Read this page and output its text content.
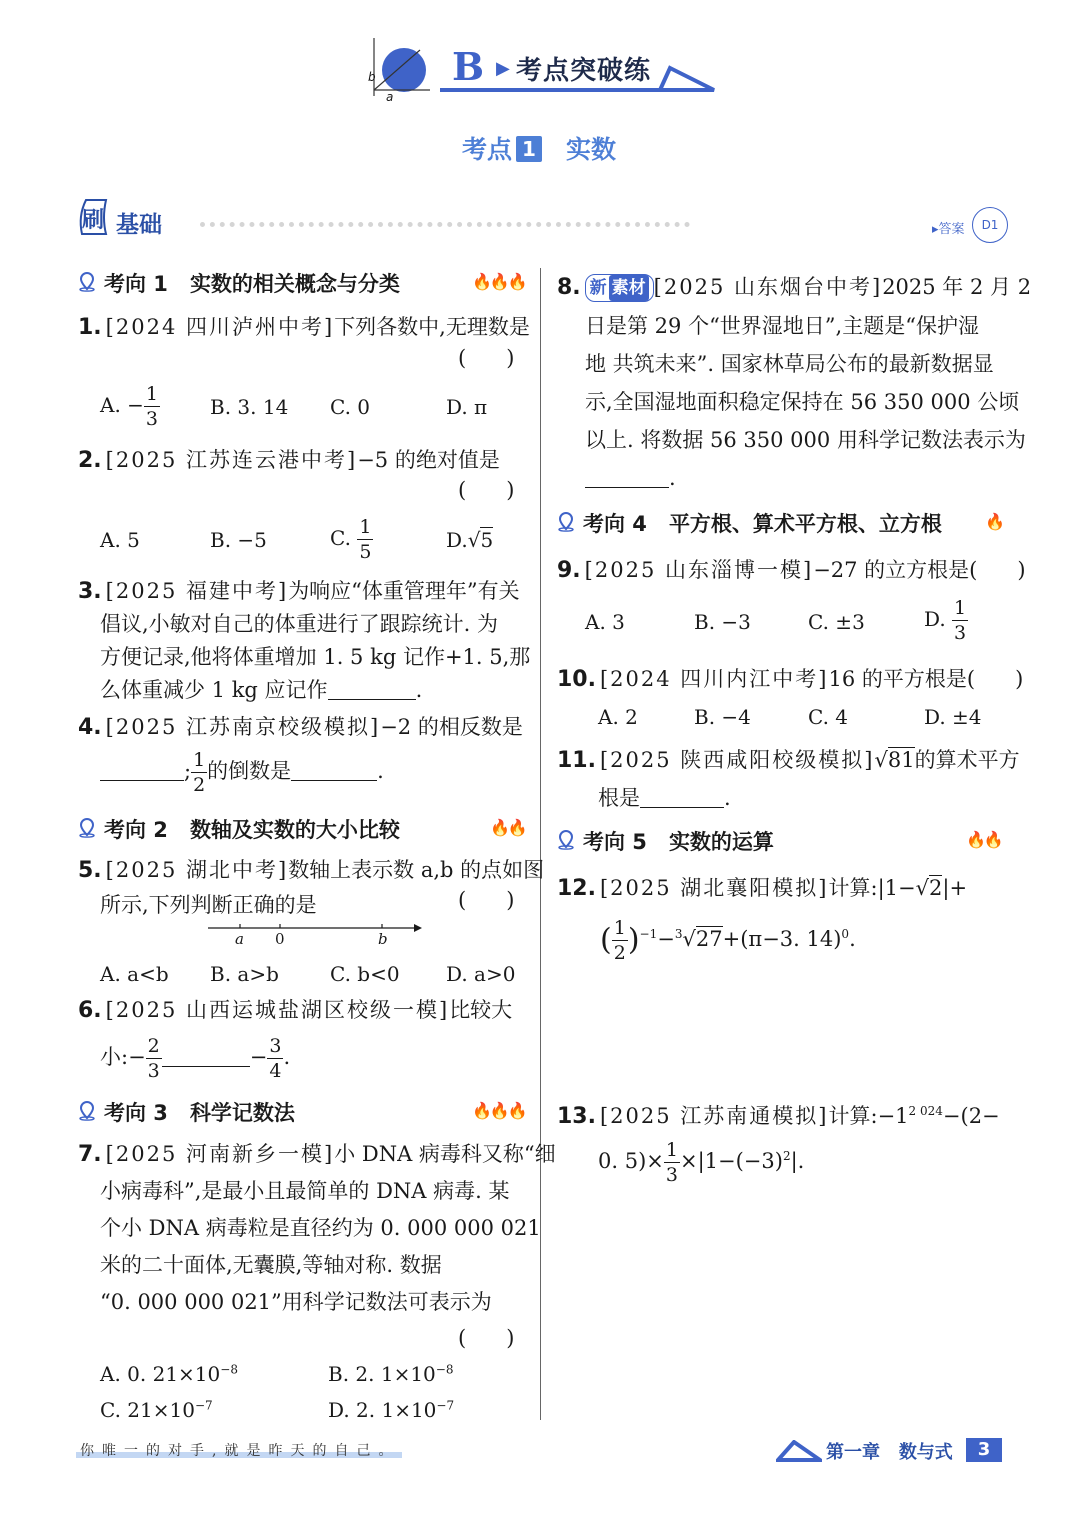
b
a
B ▶ 考点突破练
考点 1 实数
刷 基础	▸答案	D1
考向 1 实数的相关概念与分类	🔥🔥🔥
1. [2024 四川泸州中考]下列各数中,无理数是
(      )
A. − $\frac{1}{3} B$. 3. 14 C. 0	D. π
2. [2025 江苏连云港中考]−5 的绝对值是
(      )
A. 5	B. −5	C. $\frac{1}{5}$	D.√5
3. [2025 福建中考]为响应“体重管理年”有关
倡议,小敏对自己的体重进行了跟踪统计. 为
方便记录,他将体重增加 1. 5 kg 记作+1. 5,那
么体重减少 1 kg 应记作	.
4. [2025 江苏南京校级模拟]−2 的相反数是
; $\frac{1}{2}$ 的倒数是	.
考向 2 数轴及实数的大小比较	🔥🔥
5. [2025 湖北中考]数轴上表示数 a,b 的点如图
所示,下列判断正确的是	(      )
a 0	b
A. a<b B. a>b	C. b<0 D. a>0
6. [2025 山西运城盐湖区校级一模]比较大
小:− $\frac{2}{3}$	− $\frac{3}{4}$ .
考向 3 科学记数法	🔥🔥🔥
7. [2025 河南新乡一模]小 DNA 病毒科又称“细
小病毒科”,是最小且最简单的 DNA 病毒. 某
个小 DNA 病毒粒是直径约为 0. 000 000 021
米的二十面体,无囊膜,等轴对称. 数据
“0. 000 000 021”用科学记数法可表示为
(      )
A. 0. $21\times 10^{-8}$	B. 2. $1\times 10^{-8}$
C. $21\times 10^{-7}$	D. 2. $1\times 10^{-7}$
8. 新 素材 [2025 山东烟台中考]2025 年 2 月 2
日是第 29 个“世界湿地日”,主题是“保护湿
地 共筑未来”. 国家林草局公布的最新数据显
示,全国湿地面积稳定保持在 56 350 000 公顷
以上. 将数据 56 350 000 用科学记数法表示为
.
考向 4 平方根、算术平方根、立方根	🔥
9. [2025 山东淄博一模]−27 的立方根是(      )
A. 3	B. −3	C. ±3	D. $\frac{1}{3}$
10. [2024 四川内江中考]16 的平方根是(      )
A. 2	B. −4	C. 4	D. ±4
11. [2025 陕西咸阳校级模拟]√81的算术平方
根是	.
考向 5 实数的运算	🔥🔥
12. [2025 湖北襄阳模拟]计算:|1−√2|+
( $\frac{1}{2} )^{-1}-^3√27+(\pi-3$. 14)$^0$.
13. [2025 江苏南通模拟]计算$:-1^{2 024}-(2-$
0. $5)\times \frac{1}{3} \times|1-(-3)^2|$.
你唯一的对手,就是昨天的自己。	第一章 数与式	3
